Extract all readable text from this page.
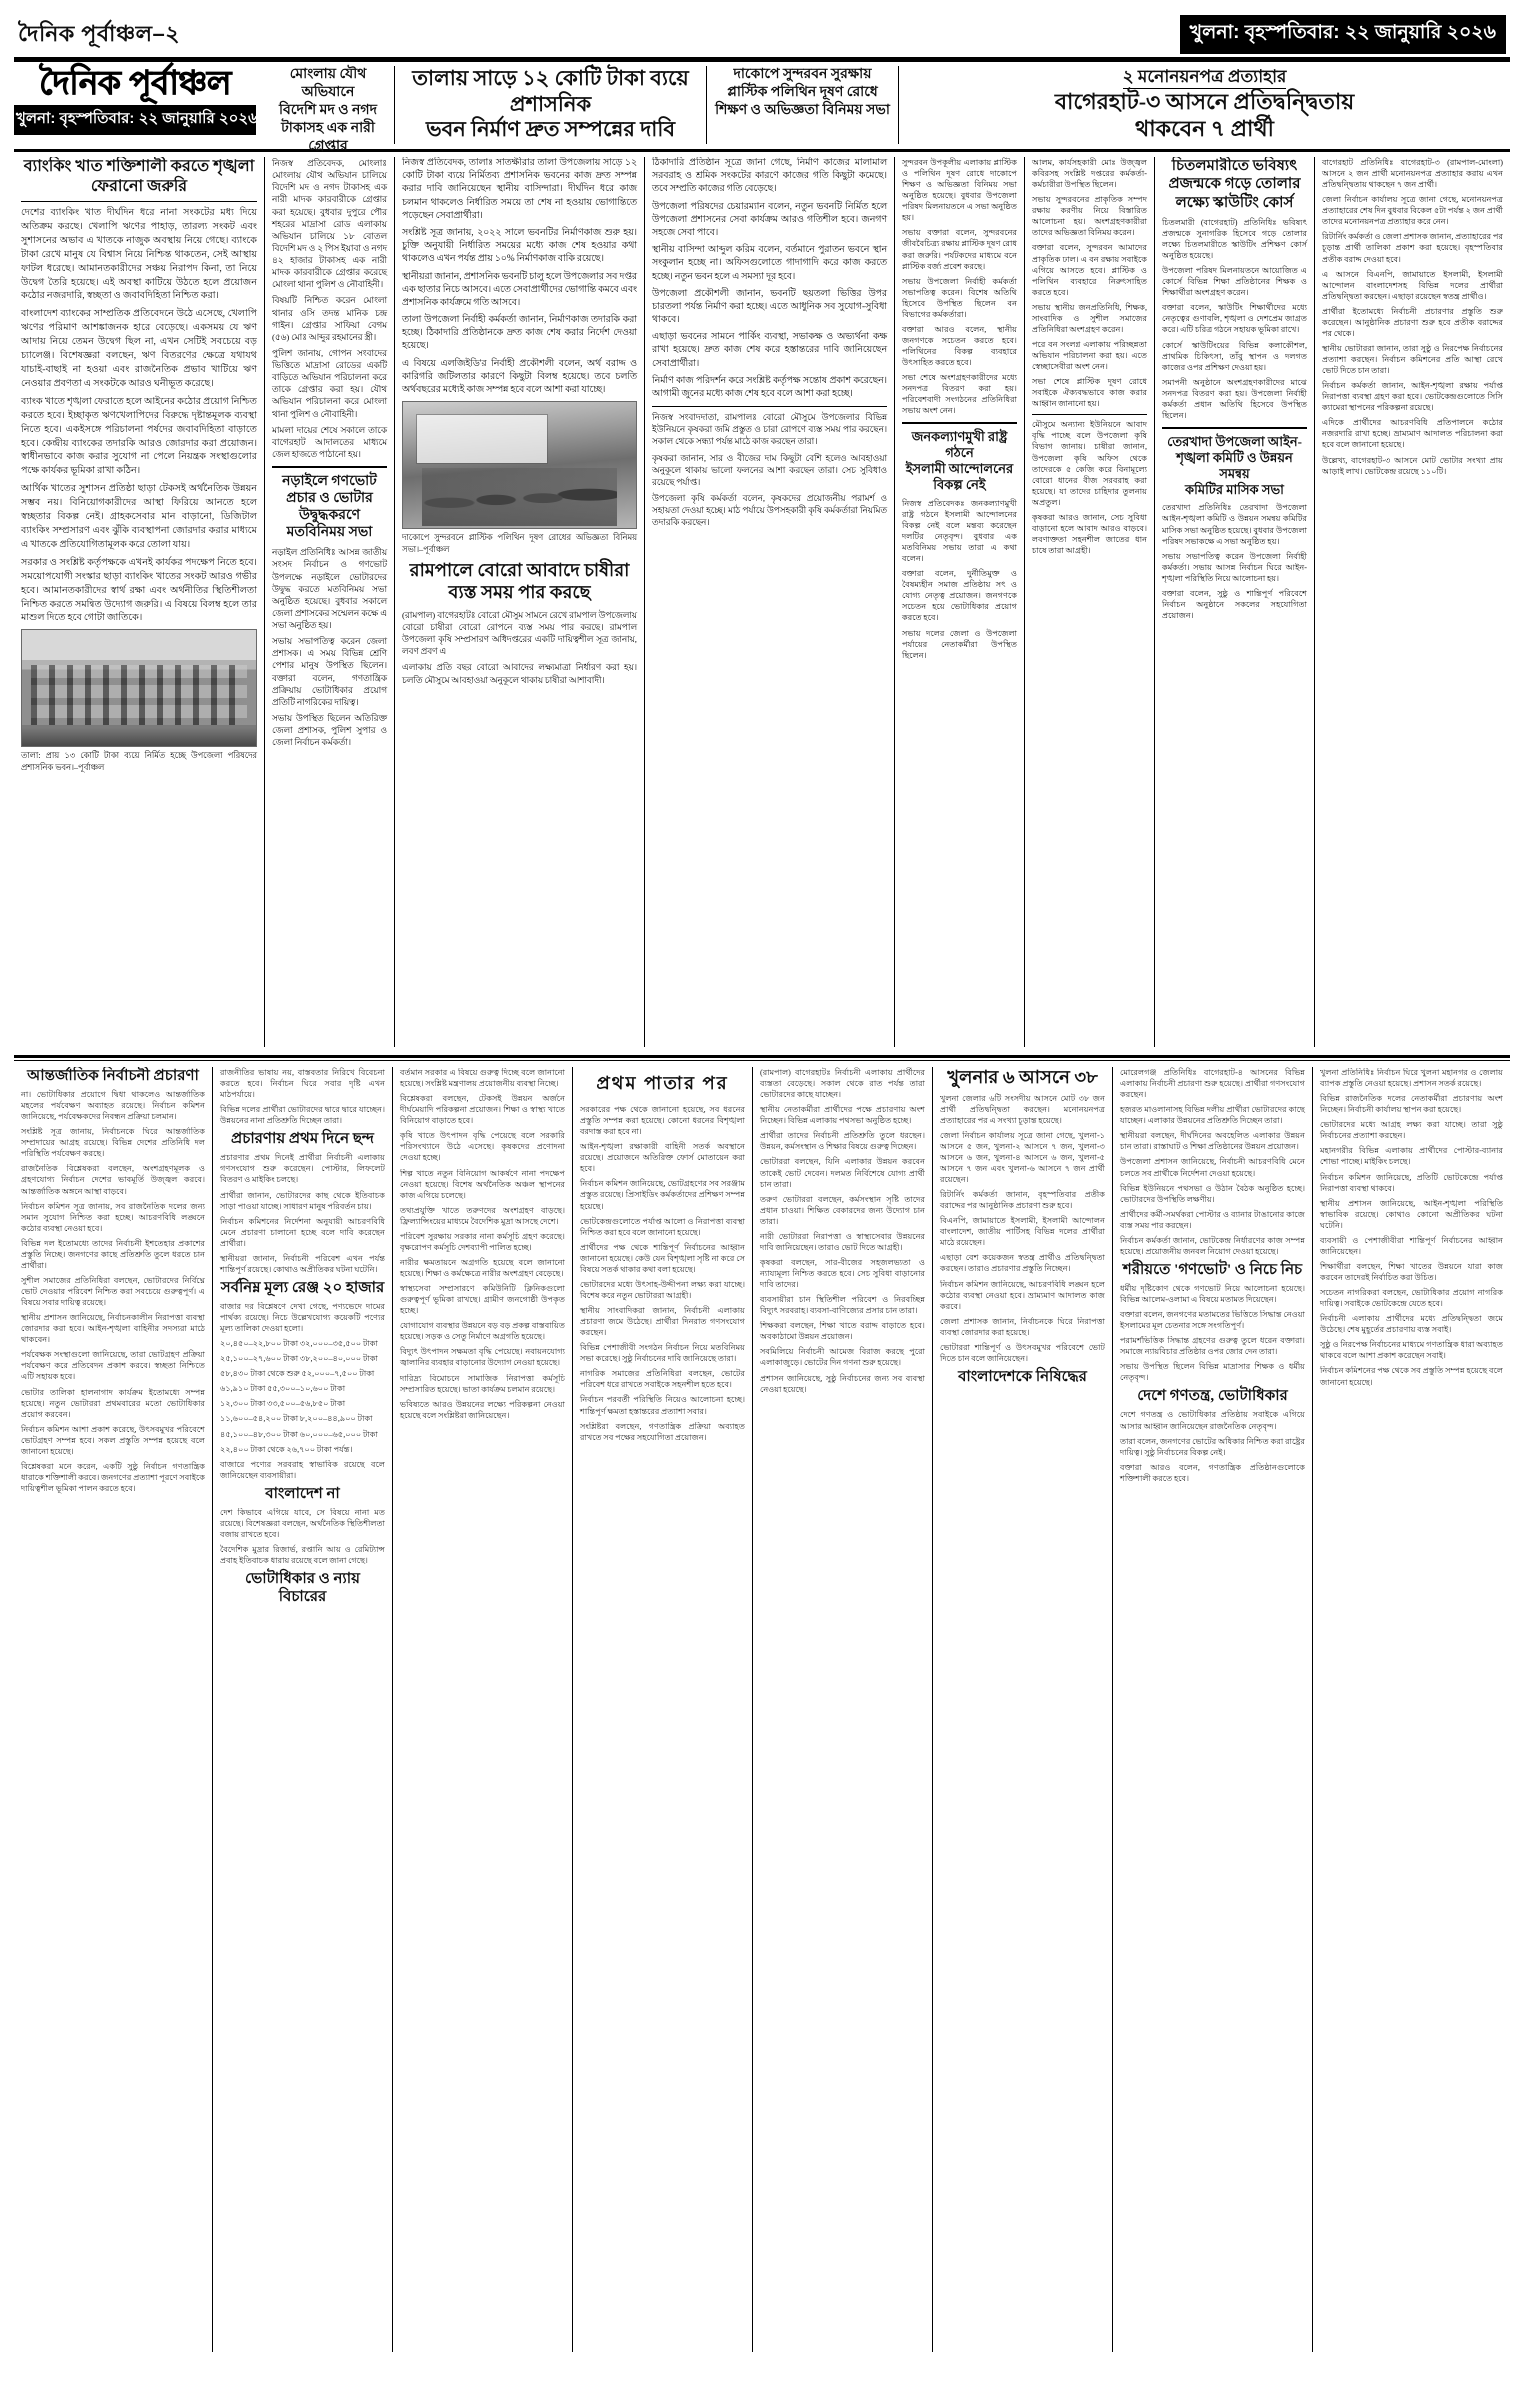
দৈনিক পূর্বাঞ্চল–২	খুলনা: বৃহস্পতিবার: ২২ জানুয়ারি ২০২৬
দৈনিক পূর্বাঞ্চল
খুলনা: বৃহস্পতিবার: ২২ জানুয়ারি ২০২৬
মোংলায় যৌথ অভিযানে
বিদেশি মদ ও নগদ
টাকাসহ এক নারী গ্রেপ্তার
তালায় সাড়ে ১২ কোটি টাকা ব্যয়ে প্রশাসনিক
ভবন নির্মাণ দ্রুত সম্পন্নের দাবি
দাকোপে সুন্দরবন সুরক্ষায়
প্লাস্টিক পলিথিন দূষণ রোধে
শিক্ষণ ও অভিজ্ঞতা বিনিময় সভা
২ মনোনয়নপত্র প্রত্যাহার
বাগেরহাট-৩ আসনে প্রতিদ্বন্দ্বিতায়
থাকবেন ৭ প্রার্থী
ব্যাংকিং খাত শক্তিশালী করতে শৃঙ্খলা ফেরানো জরুরি

দেশের ব্যাংকিং খাত দীর্ঘদিন ধরে নানা সংকটের মধ্য দিয়ে অতিক্রম করছে। খেলাপি ঋণের পাহাড়, তারল্য সংকট এবং সুশাসনের অভাব এ খাতকে নাজুক অবস্থায় নিয়ে গেছে। ব্যাংকে টাকা রেখে মানুষ যে বিশ্বাস নিয়ে নিশ্চিন্ত থাকতেন, সেই আস্থায় ফাটল ধরেছে। আমানতকারীদের সঞ্চয় নিরাপদ কিনা, তা নিয়ে উদ্বেগ তৈরি হয়েছে। এই অবস্থা কাটিয়ে উঠতে হলে প্রয়োজন কঠোর নজরদারি, স্বচ্ছতা ও জবাবদিহিতা নিশ্চিত করা।

বাংলাদেশ ব্যাংকের সাম্প্রতিক প্রতিবেদনে উঠে এসেছে, খেলাপি ঋণের পরিমাণ আশঙ্কাজনক হারে বেড়েছে। একসময় যে ঋণ আদায় নিয়ে তেমন উদ্বেগ ছিল না, এখন সেটিই সবচেয়ে বড় চ্যালেঞ্জ। বিশেষজ্ঞরা বলছেন, ঋণ বিতরণের ক্ষেত্রে যথাযথ যাচাই-বাছাই না হওয়া এবং রাজনৈতিক প্রভাব খাটিয়ে ঋণ নেওয়ার প্রবণতা এ সংকটকে আরও ঘনীভূত করেছে।

ব্যাংক খাতে শৃঙ্খলা ফেরাতে হলে আইনের কঠোর প্রয়োগ নিশ্চিত করতে হবে। ইচ্ছাকৃত ঋণখেলাপিদের বিরুদ্ধে দৃষ্টান্তমূলক ব্যবস্থা নিতে হবে। একইসঙ্গে পরিচালনা পর্ষদের জবাবদিহিতা বাড়াতে হবে। কেন্দ্রীয় ব্যাংকের তদারকি আরও জোরদার করা প্রয়োজন। স্বাধীনভাবে কাজ করার সুযোগ না পেলে নিয়ন্ত্রক সংস্থাগুলোর পক্ষে কার্যকর ভূমিকা রাখা কঠিন।

আর্থিক খাতের সুশাসন প্রতিষ্ঠা ছাড়া টেকসই অর্থনৈতিক উন্নয়ন সম্ভব নয়। বিনিয়োগকারীদের আস্থা ফিরিয়ে আনতে হলে স্বচ্ছতার বিকল্প নেই। গ্রাহকসেবার মান বাড়ানো, ডিজিটাল ব্যাংকিং সম্প্রসারণ এবং ঝুঁকি ব্যবস্থাপনা জোরদার করার মাধ্যমে এ খাতকে প্রতিযোগিতামূলক করে তোলা যায়।

সরকার ও সংশ্লিষ্ট কর্তৃপক্ষকে এখনই কার্যকর পদক্ষেপ নিতে হবে। সময়োপযোগী সংস্কার ছাড়া ব্যাংকিং খাতের সংকট আরও গভীর হবে। আমানতকারীদের স্বার্থ রক্ষা এবং অর্থনীতির স্থিতিশীলতা নিশ্চিত করতে সমন্বিত উদ্যোগ জরুরি। এ বিষয়ে বিলম্ব হলে তার মাশুল দিতে হবে গোটা জাতিকে।

তালা: প্রায় ১৩ কোটি টাকা ব্যয়ে নির্মিত হচ্ছে উপজেলা পরিষদের প্রশাসনিক ভবন।–পূর্বাঞ্চল

নিজস্ব প্রতিবেদক, মোংলাঃ মোংলায় যৌথ অভিযান চালিয়ে বিদেশি মদ ও নগদ টাকাসহ এক নারী মাদক কারবারীকে গ্রেপ্তার করা হয়েছে। বুধবার দুপুরে পৌর শহরের মাদ্রাসা রোড এলাকায় অভিযান চালিয়ে ১৮ বোতল বিদেশি মদ ও ২ পিস ইয়াবা ও নগদ ৪২ হাজার টাকাসহ এক নারী মাদক কারবারীকে গ্রেপ্তার করেছে মোংলা থানা পুলিশ ও নৌবাহিনী।

বিষয়টি নিশ্চিত করেন মোংলা থানার ওসি তদন্ত মানিক চন্দ্র গাইন। গ্রেপ্তার সাফিয়া বেগম (৫৬) মোঃ আব্দুর রহমানের স্ত্রী।

পুলিশ জানায়, গোপন সংবাদের ভিত্তিতে মাদ্রাসা রোডের একটি বাড়িতে অভিযান পরিচালনা করে তাকে গ্রেপ্তার করা হয়। যৌথ অভিযান পরিচালনা করে মোংলা থানা পুলিশ ও নৌবাহিনী।

মামলা দায়ের শেষে সকালে তাকে বাগেরহাট আদালতের মাধ্যমে জেল হাজতে পাঠানো হয়।

নড়াইলে গণভোট প্রচার ও ভোটার উদ্বুদ্ধকরণে মতবিনিময় সভা

নড়াইল প্রতিনিধিঃ আসন্ন জাতীয় সংসদ নির্বাচন ও গণভোট উপলক্ষে নড়াইলে ভোটারদের উদ্বুদ্ধ করতে মতবিনিময় সভা অনুষ্ঠিত হয়েছে। বুধবার সকালে জেলা প্রশাসকের সম্মেলন কক্ষে এ সভা অনুষ্ঠিত হয়।

সভায় সভাপতিত্ব করেন জেলা প্রশাসক। এ সময় বিভিন্ন শ্রেণি পেশার মানুষ উপস্থিত ছিলেন। বক্তারা বলেন, গণতান্ত্রিক প্রক্রিয়ায় ভোটাধিকার প্রয়োগ প্রতিটি নাগরিকের দায়িত্ব।

সভায় উপস্থিত ছিলেন অতিরিক্ত জেলা প্রশাসক, পুলিশ সুপার ও জেলা নির্বাচন কর্মকর্তা।

নিজস্ব প্রতিবেদক, তালাঃ সাতক্ষীরার তালা উপজেলায় সাড়ে ১২ কোটি টাকা ব্যয়ে নির্মিতব্য প্রশাসনিক ভবনের কাজ দ্রুত সম্পন্ন করার দাবি জানিয়েছেন স্থানীয় বাসিন্দারা। দীর্ঘদিন ধরে কাজ চলমান থাকলেও নির্ধারিত সময়ে তা শেষ না হওয়ায় ভোগান্তিতে পড়েছেন সেবাপ্রার্থীরা।

সংশ্লিষ্ট সূত্র জানায়, ২০২২ সালে ভবনটির নির্মাণকাজ শুরু হয়। চুক্তি অনুযায়ী নির্ধারিত সময়ের মধ্যে কাজ শেষ হওয়ার কথা থাকলেও এখন পর্যন্ত প্রায় ১০% নির্মাণকাজ বাকি রয়েছে।

স্থানীয়রা জানান, প্রশাসনিক ভবনটি চালু হলে উপজেলার সব দপ্তর এক ছাতার নিচে আসবে। এতে সেবাপ্রার্থীদের ভোগান্তি কমবে এবং প্রশাসনিক কার্যক্রমে গতি আসবে।

তালা উপজেলা নির্বাহী কর্মকর্তা জানান, নির্মাণকাজ তদারকি করা হচ্ছে। ঠিকাদারি প্রতিষ্ঠানকে দ্রুত কাজ শেষ করার নির্দেশ দেওয়া হয়েছে।

এ বিষয়ে এলজিইডি'র নির্বাহী প্রকৌশলী বলেন, অর্থ বরাদ্দ ও কারিগরি জটিলতার কারণে কিছুটা বিলম্ব হয়েছে। তবে চলতি অর্থবছরের মধ্যেই কাজ সম্পন্ন হবে বলে আশা করা যাচ্ছে।

দাকোপে সুন্দরবনে প্লাস্টিক পলিথিন দূষণ রোধের অভিজ্ঞতা বিনিময় সভা।–পূর্বাঞ্চল
রামপালে বোরো আবাদে চাষীরা ব্যস্ত সময় পার করছে

(রামপাল) বাগেরহাটঃ বোরো মৌসুম সামনে রেখে রামপাল উপজেলায় বোরো চাষীরা বোরো রোপনে ব্যস্ত সময় পার করছে। রামপাল উপজেলা কৃষি সম্প্রসারণ অধিদপ্তরের একটি দায়িত্বশীল সূত্র জানায়, লবণ প্রবণ এ

এলাকায় প্রতি বছর বোরো আবাদের লক্ষ্যমাত্রা নির্ধারণ করা হয়। চলতি মৌসুমে আবহাওয়া অনুকূলে থাকায় চাষীরা আশাবাদী।

ঠিকাদারি প্রতিষ্ঠান সূত্রে জানা গেছে, নির্মাণ কাজের মালামাল সরবরাহ ও শ্রমিক সংকটের কারণে কাজের গতি কিছুটা কমেছে। তবে সম্প্রতি কাজের গতি বেড়েছে।

উপজেলা পরিষদের চেয়ারম্যান বলেন, নতুন ভবনটি নির্মিত হলে উপজেলা প্রশাসনের সেবা কার্যক্রম আরও গতিশীল হবে। জনগণ সহজে সেবা পাবে।

স্থানীয় বাসিন্দা আব্দুল করিম বলেন, বর্তমানে পুরাতন ভবনে স্থান সংকুলান হচ্ছে না। অফিসগুলোতে গাদাগাদি করে কাজ করতে হচ্ছে। নতুন ভবন হলে এ সমস্যা দূর হবে।

উপজেলা প্রকৌশলী জানান, ভবনটি ছয়তলা ভিত্তির উপর চারতলা পর্যন্ত নির্মাণ করা হচ্ছে। এতে আধুনিক সব সুযোগ-সুবিধা থাকবে।

এছাড়া ভবনের সামনে পার্কিং ব্যবস্থা, সভাকক্ষ ও অভ্যর্থনা কক্ষ রাখা হয়েছে। দ্রুত কাজ শেষ করে হস্তান্তরের দাবি জানিয়েছেন সেবাপ্রার্থীরা।

নির্মাণ কাজ পরিদর্শন করে সংশ্লিষ্ট কর্তৃপক্ষ সন্তোষ প্রকাশ করেছেন। আগামী জুনের মধ্যে কাজ শেষ হবে বলে আশা করা হচ্ছে।

নিজস্ব সংবাদদাতা, রামপালঃ বোরো মৌসুমে উপজেলার বিভিন্ন ইউনিয়নে কৃষকরা জমি প্রস্তুত ও চারা রোপণে ব্যস্ত সময় পার করছেন। সকাল থেকে সন্ধ্যা পর্যন্ত মাঠে কাজ করছেন তারা।

কৃষকরা জানান, সার ও বীজের দাম কিছুটা বেশি হলেও আবহাওয়া অনুকূলে থাকায় ভালো ফলনের আশা করছেন তারা। সেচ সুবিধাও রয়েছে পর্যাপ্ত।

উপজেলা কৃষি কর্মকর্তা বলেন, কৃষকদের প্রয়োজনীয় পরামর্শ ও সহায়তা দেওয়া হচ্ছে। মাঠ পর্যায়ে উপসহকারী কৃষি কর্মকর্তারা নিয়মিত তদারকি করছেন।

সুন্দরবন উপকূলীয় এলাকায় প্লাস্টিক ও পলিথিন দূষণ রোধে দাকোপে শিক্ষণ ও অভিজ্ঞতা বিনিময় সভা অনুষ্ঠিত হয়েছে। বুধবার উপজেলা পরিষদ মিলনায়তনে এ সভা অনুষ্ঠিত হয়।

সভায় বক্তারা বলেন, সুন্দরবনের জীববৈচিত্র্য রক্ষায় প্লাস্টিক দূষণ রোধ করা জরুরি। পর্যটকদের মাধ্যমে বনে প্লাস্টিক বর্জ্য প্রবেশ করছে।

সভায় উপজেলা নির্বাহী কর্মকর্তা সভাপতিত্ব করেন। বিশেষ অতিথি হিসেবে উপস্থিত ছিলেন বন বিভাগের কর্মকর্তারা।

বক্তারা আরও বলেন, স্থানীয় জনগণকে সচেতন করতে হবে। পলিথিনের বিকল্প ব্যবহারে উৎসাহিত করতে হবে।

সভা শেষে অংশগ্রহণকারীদের মধ্যে সনদপত্র বিতরণ করা হয়। পরিবেশবাদী সংগঠনের প্রতিনিধিরা সভায় অংশ নেন।

জনকল্যাণমুখী রাষ্ট্র গঠনে
ইসলামী আন্দোলনের
বিকল্প নেই

নিজস্ব প্রতিবেদকঃ জনকল্যাণমুখী রাষ্ট্র গঠনে ইসলামী আন্দোলনের বিকল্প নেই বলে মন্তব্য করেছেন দলটির নেতৃবৃন্দ। বুধবার এক মতবিনিময় সভায় তারা এ কথা বলেন।

বক্তারা বলেন, দুর্নীতিমুক্ত ও বৈষম্যহীন সমাজ প্রতিষ্ঠায় সৎ ও যোগ্য নেতৃত্ব প্রয়োজন। জনগণকে সচেতন হয়ে ভোটাধিকার প্রয়োগ করতে হবে।

সভায় দলের জেলা ও উপজেলা পর্যায়ের নেতাকর্মীরা উপস্থিত ছিলেন।

আলম, কার্যসহকারী মোঃ উজ্জ্বল কবিরসহ সংশ্লিষ্ট দপ্তরের কর্মকর্তা-কর্মচারীরা উপস্থিত ছিলেন।

সভায় সুন্দরবনের প্রাকৃতিক সম্পদ রক্ষায় করণীয় নিয়ে বিস্তারিত আলোচনা হয়। অংশগ্রহণকারীরা তাদের অভিজ্ঞতা বিনিময় করেন।

বক্তারা বলেন, সুন্দরবন আমাদের প্রাকৃতিক ঢাল। এ বন রক্ষায় সবাইকে এগিয়ে আসতে হবে। প্লাস্টিক ও পলিথিন ব্যবহারে নিরুৎসাহিত করতে হবে।

সভায় স্থানীয় জনপ্রতিনিধি, শিক্ষক, সাংবাদিক ও সুশীল সমাজের প্রতিনিধিরা অংশগ্রহণ করেন।

পরে বন সংলগ্ন এলাকায় পরিচ্ছন্নতা অভিযান পরিচালনা করা হয়। এতে স্বেচ্ছাসেবীরা অংশ নেন।

সভা শেষে প্লাস্টিক দূষণ রোধে সবাইকে ঐক্যবদ্ধভাবে কাজ করার আহ্বান জানানো হয়।

মৌসুমে অন্যান্য ইউনিয়নে আবাদ বৃদ্ধি পাচ্ছে বলে উপজেলা কৃষি বিভাগ জানায়। চাষীরা জানান, উপজেলা কৃষি অফিস থেকে তাদেরকে ৫ কেজি করে বিনামূল্যে বোরো ধানের বীজ সরবরাহ করা হয়েছে। যা তাদের চাহিদার তুলনায় অপ্রতুল।

কৃষকরা আরও জানান, সেচ সুবিধা বাড়ানো হলে আবাদ আরও বাড়বে। লবণাক্ততা সহনশীল জাতের ধান চাষে তারা আগ্রহী।

চিতলমারীতে ভবিষ্যৎ
প্রজন্মকে গড়ে তোলার
লক্ষ্যে স্কাউটিং কোর্স

চিতলমারী (বাগেরহাট) প্রতিনিধিঃ ভবিষ্যৎ প্রজন্মকে সুনাগরিক হিসেবে গড়ে তোলার লক্ষ্যে চিতলমারীতে স্কাউটিং প্রশিক্ষণ কোর্স অনুষ্ঠিত হয়েছে।

উপজেলা পরিষদ মিলনায়তনে আয়োজিত এ কোর্সে বিভিন্ন শিক্ষা প্রতিষ্ঠানের শিক্ষক ও শিক্ষার্থীরা অংশগ্রহণ করেন।

বক্তারা বলেন, স্কাউটিং শিক্ষার্থীদের মধ্যে নেতৃত্বের গুণাবলি, শৃঙ্খলা ও দেশপ্রেম জাগ্রত করে। এটি চরিত্র গঠনে সহায়ক ভূমিকা রাখে।

কোর্সে স্কাউটিংয়ের বিভিন্ন কলাকৌশল, প্রাথমিক চিকিৎসা, তাঁবু স্থাপন ও দলগত কাজের ওপর প্রশিক্ষণ দেওয়া হয়।

সমাপনী অনুষ্ঠানে অংশগ্রহণকারীদের মাঝে সনদপত্র বিতরণ করা হয়। উপজেলা নির্বাহী কর্মকর্তা প্রধান অতিথি হিসেবে উপস্থিত ছিলেন।

তেরখাদা উপজেলা আইন-
শৃঙ্খলা কমিটি ও উন্নয়ন সমন্বয়
কমিটির মাসিক সভা

তেরখাদা প্রতিনিধিঃ তেরখাদা উপজেলা আইন-শৃঙ্খলা কমিটি ও উন্নয়ন সমন্বয় কমিটির মাসিক সভা অনুষ্ঠিত হয়েছে। বুধবার উপজেলা পরিষদ সভাকক্ষে এ সভা অনুষ্ঠিত হয়।

সভায় সভাপতিত্ব করেন উপজেলা নির্বাহী কর্মকর্তা। সভায় আসন্ন নির্বাচন ঘিরে আইন-শৃঙ্খলা পরিস্থিতি নিয়ে আলোচনা হয়।

বক্তারা বলেন, সুষ্ঠু ও শান্তিপূর্ণ পরিবেশে নির্বাচন অনুষ্ঠানে সকলের সহযোগিতা প্রয়োজন।

বাগেরহাট প্রতিনিধিঃ বাগেরহাট-৩ (রামপাল-মোংলা) আসনে ২ জন প্রার্থী মনোনয়নপত্র প্রত্যাহার করায় এখন প্রতিদ্বন্দ্বিতায় থাকছেন ৭ জন প্রার্থী।

জেলা নির্বাচন কার্যালয় সূত্রে জানা গেছে, মনোনয়নপত্র প্রত্যাহারের শেষ দিন বুধবার বিকেল ৫টা পর্যন্ত ২ জন প্রার্থী তাদের মনোনয়নপত্র প্রত্যাহার করে নেন।

রিটার্নিং কর্মকর্তা ও জেলা প্রশাসক জানান, প্রত্যাহারের পর চূড়ান্ত প্রার্থী তালিকা প্রকাশ করা হয়েছে। বৃহস্পতিবার প্রতীক বরাদ্দ দেওয়া হবে।

এ আসনে বিএনপি, জামায়াতে ইসলামী, ইসলামী আন্দোলন বাংলাদেশসহ বিভিন্ন দলের প্রার্থীরা প্রতিদ্বন্দ্বিতা করছেন। এছাড়া রয়েছেন স্বতন্ত্র প্রার্থীও।

প্রার্থীরা ইতোমধ্যে নির্বাচনী প্রচারণার প্রস্তুতি শুরু করেছেন। আনুষ্ঠানিক প্রচারণা শুরু হবে প্রতীক বরাদ্দের পর থেকে।

স্থানীয় ভোটাররা জানান, তারা সুষ্ঠু ও নিরপেক্ষ নির্বাচনের প্রত্যাশা করছেন। নির্বাচন কমিশনের প্রতি আস্থা রেখে ভোট দিতে চান তারা।

নির্বাচন কর্মকর্তা জানান, আইন-শৃঙ্খলা রক্ষায় পর্যাপ্ত নিরাপত্তা ব্যবস্থা গ্রহণ করা হবে। ভোটকেন্দ্রগুলোতে সিসি ক্যামেরা স্থাপনের পরিকল্পনা রয়েছে।

এদিকে প্রার্থীদের আচরণবিধি প্রতিপালনে কঠোর নজরদারি রাখা হচ্ছে। ভ্রাম্যমাণ আদালত পরিচালনা করা হবে বলে জানানো হয়েছে।

উল্লেখ্য, বাগেরহাট-৩ আসনে মোট ভোটার সংখ্যা প্রায় আড়াই লাখ। ভোটকেন্দ্র রয়েছে ১১০টি।

আন্তর্জাতিক নির্বাচনী প্রচারণা

না। ভোটাধিকার প্রয়োগে দ্বিধা থাকলেও আন্তর্জাতিক মহলের পর্যবেক্ষণ অব্যাহত রয়েছে। নির্বাচন কমিশন জানিয়েছে, পর্যবেক্ষকদের নিবন্ধন প্রক্রিয়া চলমান।

সংশ্লিষ্ট সূত্র জানায়, নির্বাচনকে ঘিরে আন্তর্জাতিক সম্প্রদায়ের আগ্রহ রয়েছে। বিভিন্ন দেশের প্রতিনিধি দল পরিস্থিতি পর্যবেক্ষণ করছে।

রাজনৈতিক বিশ্লেষকরা বলছেন, অংশগ্রহণমূলক ও গ্রহণযোগ্য নির্বাচন দেশের ভাবমূর্তি উজ্জ্বল করবে। আন্তর্জাতিক অঙ্গনে আস্থা বাড়বে।

নির্বাচন কমিশন সূত্র জানায়, সব রাজনৈতিক দলের জন্য সমান সুযোগ নিশ্চিত করা হচ্ছে। আচরণবিধি লঙ্ঘনে কঠোর ব্যবস্থা নেওয়া হবে।

বিভিন্ন দল ইতোমধ্যে তাদের নির্বাচনী ইশতেহার প্রকাশের প্রস্তুতি নিচ্ছে। জনগণের কাছে প্রতিশ্রুতি তুলে ধরতে চান প্রার্থীরা।

সুশীল সমাজের প্রতিনিধিরা বলছেন, ভোটারদের নির্বিঘ্নে ভোট দেওয়ার পরিবেশ নিশ্চিত করা সবচেয়ে গুরুত্বপূর্ণ। এ বিষয়ে সবার দায়িত্ব রয়েছে।

স্থানীয় প্রশাসন জানিয়েছে, নির্বাচনকালীন নিরাপত্তা ব্যবস্থা জোরদার করা হবে। আইন-শৃঙ্খলা বাহিনীর সদস্যরা মাঠে থাকবেন।

পর্যবেক্ষক সংস্থাগুলো জানিয়েছে, তারা ভোটগ্রহণ প্রক্রিয়া পর্যবেক্ষণ করে প্রতিবেদন প্রকাশ করবে। স্বচ্ছতা নিশ্চিতে এটি সহায়ক হবে।

ভোটার তালিকা হালনাগাদ কার্যক্রম ইতোমধ্যে সম্পন্ন হয়েছে। নতুন ভোটাররা প্রথমবারের মতো ভোটাধিকার প্রয়োগ করবেন।

নির্বাচন কমিশন আশা প্রকাশ করেছে, উৎসবমুখর পরিবেশে ভোটগ্রহণ সম্পন্ন হবে। সকল প্রস্তুতি সম্পন্ন হয়েছে বলে জানানো হয়েছে।

বিশ্লেষকরা মনে করেন, একটি সুষ্ঠু নির্বাচন গণতান্ত্রিক ধারাকে শক্তিশালী করবে। জনগণের প্রত্যাশা পূরণে সবাইকে দায়িত্বশীল ভূমিকা পালন করতে হবে।

রাজনীতির ভাষায় নয়, বাস্তবতার নিরিখে বিবেচনা করতে হবে। নির্বাচন ঘিরে সবার দৃষ্টি এখন মাঠপর্যায়ে।

বিভিন্ন দলের প্রার্থীরা ভোটারদের দ্বারে দ্বারে যাচ্ছেন। উন্নয়নের নানা প্রতিশ্রুতি দিচ্ছেন তারা।

প্রচারণায় প্রথম দিনে ছন্দ

প্রচারণার প্রথম দিনেই প্রার্থীরা নির্বাচনী এলাকায় গণসংযোগ শুরু করেছেন। পোস্টার, লিফলেট বিতরণ ও মাইকিং চলছে।

প্রার্থীরা জানান, ভোটারদের কাছ থেকে ইতিবাচক সাড়া পাওয়া যাচ্ছে। সাধারণ মানুষ পরিবর্তন চায়।

নির্বাচন কমিশনের নির্দেশনা অনুযায়ী আচরণবিধি মেনে প্রচারণা চালানো হচ্ছে বলে দাবি করেছেন প্রার্থীরা।

স্থানীয়রা জানান, নির্বাচনী পরিবেশ এখন পর্যন্ত শান্তিপূর্ণ রয়েছে। কোথাও অপ্রীতিকর ঘটনা ঘটেনি।

সর্বনিম্ন মূল্য রেঞ্জ ২০ হাজার

বাজার দর বিশ্লেষণে দেখা গেছে, পণ্যভেদে দামের পার্থক্য রয়েছে। নিচে উল্লেখযোগ্য কয়েকটি পণ্যের মূল্য তালিকা দেওয়া হলো।

২০,৪৫০–২২,৮০০ টাকা ৩২,০০০–৩৫,৫০০ টাকা

২৫,১০০–২৭,৬০০ টাকা ৩৮,২০০–৪০,০০০ টাকা

৫৮,৪৩০ টাকা থেকে শুরু ৫২,০০০–৭,৫০০ টাকা

৬১,৯১০ টাকা ৫৫,৩০০–১০,৬০০ টাকা

১২,৩০০ টাকা ৩৩,৫০০–৫৬,৮৫০ টাকা

১১,৬০০–৫৪,২০০ টাকা ৮,২০০–৪৪,৯০০ টাকা

৪৫,১০০–৪৮,৩০০ টাকা ৬০,০০০–৬৫,০০০ টাকা

২২,৪০০ টাকা থেকে ২৬,৭০০ টাকা পর্যন্ত।

বাজারে পণ্যের সরবরাহ স্বাভাবিক রয়েছে বলে জানিয়েছেন ব্যবসায়ীরা।

বাংলাদেশ না

দেশ কিভাবে এগিয়ে যাবে, সে বিষয়ে নানা মত রয়েছে। বিশেষজ্ঞরা বলছেন, অর্থনৈতিক স্থিতিশীলতা বজায় রাখতে হবে।

বৈদেশিক মুদ্রার রিজার্ভ, রপ্তানি আয় ও রেমিট্যান্স প্রবাহ ইতিবাচক ধারায় রয়েছে বলে জানা গেছে।

ভোটাধিকার ও ন্যায় বিচারের

বর্তমান সরকার এ বিষয়ে গুরুত্ব দিচ্ছে বলে জানানো হয়েছে। সংশ্লিষ্ট মন্ত্রণালয় প্রয়োজনীয় ব্যবস্থা নিচ্ছে।

বিশ্লেষকরা বলছেন, টেকসই উন্নয়ন অর্জনে দীর্ঘমেয়াদি পরিকল্পনা প্রয়োজন। শিক্ষা ও স্বাস্থ্য খাতে বিনিয়োগ বাড়াতে হবে।

কৃষি খাতে উৎপাদন বৃদ্ধি পেয়েছে বলে সরকারি পরিসংখ্যানে উঠে এসেছে। কৃষকদের প্রণোদনা দেওয়া হচ্ছে।

শিল্প খাতে নতুন বিনিয়োগ আকর্ষণে নানা পদক্ষেপ নেওয়া হয়েছে। বিশেষ অর্থনৈতিক অঞ্চল স্থাপনের কাজ এগিয়ে চলেছে।

তথ্যপ্রযুক্তি খাতে তরুণদের অংশগ্রহণ বাড়ছে। ফ্রিল্যান্সিংয়ের মাধ্যমে বৈদেশিক মুদ্রা আসছে দেশে।

পরিবেশ সুরক্ষায় সরকার নানা কর্মসূচি গ্রহণ করেছে। বৃক্ষরোপণ কর্মসূচি দেশব্যাপী পালিত হচ্ছে।

নারীর ক্ষমতায়নে অগ্রগতি হয়েছে বলে জানানো হয়েছে। শিক্ষা ও কর্মক্ষেত্রে নারীর অংশগ্রহণ বেড়েছে।

স্বাস্থ্যসেবা সম্প্রসারণে কমিউনিটি ক্লিনিকগুলো গুরুত্বপূর্ণ ভূমিকা রাখছে। গ্রামীণ জনগোষ্ঠী উপকৃত হচ্ছে।

যোগাযোগ ব্যবস্থার উন্নয়নে বড় বড় প্রকল্প বাস্তবায়িত হয়েছে। সড়ক ও সেতু নির্মাণে অগ্রগতি হয়েছে।

বিদ্যুৎ উৎপাদন সক্ষমতা বৃদ্ধি পেয়েছে। নবায়নযোগ্য জ্বালানির ব্যবহার বাড়ানোর উদ্যোগ নেওয়া হয়েছে।

দারিদ্র্য বিমোচনে সামাজিক নিরাপত্তা কর্মসূচি সম্প্রসারিত হয়েছে। ভাতা কার্যক্রম চলমান রয়েছে।

ভবিষ্যতে আরও উন্নয়নের লক্ষ্যে পরিকল্পনা নেওয়া হয়েছে বলে সংশ্লিষ্টরা জানিয়েছেন।

প্রথম পাতার পর

সরকারের পক্ষ থেকে জানানো হয়েছে, সব ধরনের প্রস্তুতি সম্পন্ন করা হয়েছে। কোনো ধরনের বিশৃঙ্খলা বরদাস্ত করা হবে না।

আইন-শৃঙ্খলা রক্ষাকারী বাহিনী সতর্ক অবস্থানে রয়েছে। প্রয়োজনে অতিরিক্ত ফোর্স মোতায়েন করা হবে।

নির্বাচন কমিশন জানিয়েছে, ভোটগ্রহণের সব সরঞ্জাম প্রস্তুত রয়েছে। প্রিসাইডিং কর্মকর্তাদের প্রশিক্ষণ সম্পন্ন হয়েছে।

ভোটকেন্দ্রগুলোতে পর্যাপ্ত আলো ও নিরাপত্তা ব্যবস্থা নিশ্চিত করা হবে বলে জানানো হয়েছে।

প্রার্থীদের পক্ষ থেকে শান্তিপূর্ণ নির্বাচনের আহ্বান জানানো হয়েছে। কেউ যেন বিশৃঙ্খলা সৃষ্টি না করে সে বিষয়ে সতর্ক থাকার কথা বলা হয়েছে।

ভোটারদের মধ্যে উৎসাহ-উদ্দীপনা লক্ষ্য করা যাচ্ছে। বিশেষ করে নতুন ভোটাররা আগ্রহী।

স্থানীয় সাংবাদিকরা জানান, নির্বাচনী এলাকায় প্রচারণা জমে উঠেছে। প্রার্থীরা দিনরাত গণসংযোগ করছেন।

বিভিন্ন পেশাজীবী সংগঠন নির্বাচন নিয়ে মতবিনিময় সভা করেছে। সুষ্ঠু নির্বাচনের দাবি জানিয়েছে তারা।

নাগরিক সমাজের প্রতিনিধিরা বলছেন, ভোটের পরিবেশ ধরে রাখতে সবাইকে সহনশীল হতে হবে।

নির্বাচন পরবর্তী পরিস্থিতি নিয়েও আলোচনা হচ্ছে। শান্তিপূর্ণ ক্ষমতা হস্তান্তরের প্রত্যাশা সবার।

সংশ্লিষ্টরা বলছেন, গণতান্ত্রিক প্রক্রিয়া অব্যাহত রাখতে সব পক্ষের সহযোগিতা প্রয়োজন।

(রামপাল) বাগেরহাটঃ নির্বাচনী এলাকায় প্রার্থীদের ব্যস্ততা বেড়েছে। সকাল থেকে রাত পর্যন্ত তারা ভোটারদের কাছে যাচ্ছেন।

স্থানীয় নেতাকর্মীরা প্রার্থীদের পক্ষে প্রচারণায় অংশ নিচ্ছেন। বিভিন্ন এলাকায় পথসভা অনুষ্ঠিত হচ্ছে।

প্রার্থীরা তাদের নির্বাচনী প্রতিশ্রুতি তুলে ধরছেন। উন্নয়ন, কর্মসংস্থান ও শিক্ষার বিষয়ে গুরুত্ব দিচ্ছেন।

ভোটাররা বলছেন, যিনি এলাকার উন্নয়ন করবেন তাকেই ভোট দেবেন। দলমত নির্বিশেষে যোগ্য প্রার্থী চান তারা।

তরুণ ভোটাররা বলছেন, কর্মসংস্থান সৃষ্টি তাদের প্রধান চাওয়া। শিক্ষিত বেকারদের জন্য উদ্যোগ চান তারা।

নারী ভোটাররা নিরাপত্তা ও স্বাস্থ্যসেবার উন্নয়নের দাবি জানিয়েছেন। তারাও ভোট দিতে আগ্রহী।

কৃষকরা বলছেন, সার-বীজের সহজলভ্যতা ও ন্যায্যমূল্য নিশ্চিত করতে হবে। সেচ সুবিধা বাড়ানোর দাবি তাদের।

ব্যবসায়ীরা চান স্থিতিশীল পরিবেশ ও নিরবচ্ছিন্ন বিদ্যুৎ সরবরাহ। ব্যবসা-বাণিজ্যের প্রসার চান তারা।

শিক্ষকরা বলছেন, শিক্ষা খাতে বরাদ্দ বাড়াতে হবে। অবকাঠামো উন্নয়ন প্রয়োজন।

সবমিলিয়ে নির্বাচনী আমেজ বিরাজ করছে পুরো এলাকাজুড়ে। ভোটের দিন গণনা শুরু হয়েছে।

প্রশাসন জানিয়েছে, সুষ্ঠু নির্বাচনের জন্য সব ব্যবস্থা নেওয়া হয়েছে।

খুলনার ৬ আসনে ৩৮

খুলনা জেলার ৬টি সংসদীয় আসনে মোট ৩৮ জন প্রার্থী প্রতিদ্বন্দ্বিতা করছেন। মনোনয়নপত্র প্রত্যাহারের পর এ সংখ্যা চূড়ান্ত হয়েছে।

জেলা নির্বাচন কার্যালয় সূত্রে জানা গেছে, খুলনা-১ আসনে ৫ জন, খুলনা-২ আসনে ৭ জন, খুলনা-৩ আসনে ৬ জন, খুলনা-৪ আসনে ৬ জন, খুলনা-৫ আসনে ৭ জন এবং খুলনা-৬ আসনে ৭ জন প্রার্থী রয়েছেন।

রিটার্নিং কর্মকর্তা জানান, বৃহস্পতিবার প্রতীক বরাদ্দের পর আনুষ্ঠানিক প্রচারণা শুরু হবে।

বিএনপি, জামায়াতে ইসলামী, ইসলামী আন্দোলন বাংলাদেশ, জাতীয় পার্টিসহ বিভিন্ন দলের প্রার্থীরা মাঠে রয়েছেন।

এছাড়া বেশ কয়েকজন স্বতন্ত্র প্রার্থীও প্রতিদ্বন্দ্বিতা করছেন। তারাও প্রচারণার প্রস্তুতি নিচ্ছেন।

নির্বাচন কমিশন জানিয়েছে, আচরণবিধি লঙ্ঘন হলে কঠোর ব্যবস্থা নেওয়া হবে। ভ্রাম্যমাণ আদালত কাজ করবে।

জেলা প্রশাসক জানান, নির্বাচনকে ঘিরে নিরাপত্তা ব্যবস্থা জোরদার করা হয়েছে।

ভোটাররা শান্তিপূর্ণ ও উৎসবমুখর পরিবেশে ভোট দিতে চান বলে জানিয়েছেন।

বাংলাদেশকে নিষিদ্ধের

মোরেলগঞ্জ প্রতিনিধিঃ বাগেরহাট-৪ আসনের বিভিন্ন এলাকায় নির্বাচনী প্রচারণা শুরু হয়েছে। প্রার্থীরা গণসংযোগ করছেন।

হজরত মাওলানাসহ বিভিন্ন দলীয় প্রার্থীরা ভোটারদের কাছে যাচ্ছেন। এলাকার উন্নয়নের প্রতিশ্রুতি দিচ্ছেন তারা।

স্থানীয়রা বলছেন, দীর্ঘদিনের অবহেলিত এলাকার উন্নয়ন চান তারা। রাস্তাঘাট ও শিক্ষা প্রতিষ্ঠানের উন্নয়ন প্রয়োজন।

উপজেলা প্রশাসন জানিয়েছে, নির্বাচনী আচরণবিধি মেনে চলতে সব প্রার্থীকে নির্দেশনা দেওয়া হয়েছে।

বিভিন্ন ইউনিয়নে পথসভা ও উঠান বৈঠক অনুষ্ঠিত হচ্ছে। ভোটারদের উপস্থিতি লক্ষণীয়।

প্রার্থীদের কর্মী-সমর্থকরা পোস্টার ও ব্যানার টাঙানোর কাজে ব্যস্ত সময় পার করছেন।

নির্বাচন কর্মকর্তা জানান, ভোটকেন্দ্র নির্ধারণের কাজ সম্পন্ন হয়েছে। প্রয়োজনীয় জনবল নিয়োগ দেওয়া হয়েছে।

শরীয়তে 'গণভোট' ও নিচে নিচ

ধর্মীয় দৃষ্টিকোণ থেকে গণভোট নিয়ে আলোচনা হয়েছে। বিভিন্ন আলেম-ওলামা এ বিষয়ে মতামত দিয়েছেন।

বক্তারা বলেন, জনগণের মতামতের ভিত্তিতে সিদ্ধান্ত নেওয়া ইসলামের মূল চেতনার সঙ্গে সংগতিপূর্ণ।

পরামর্শভিত্তিক সিদ্ধান্ত গ্রহণের গুরুত্ব তুলে ধরেন বক্তারা। সমাজে ন্যায়বিচার প্রতিষ্ঠার ওপর জোর দেন তারা।

সভায় উপস্থিত ছিলেন বিভিন্ন মাদ্রাসার শিক্ষক ও ধর্মীয় নেতৃবৃন্দ।

দেশে গণতন্ত্র, ভোটাধিকার

দেশে গণতন্ত্র ও ভোটাধিকার প্রতিষ্ঠায় সবাইকে এগিয়ে আসার আহ্বান জানিয়েছেন রাজনৈতিক নেতৃবৃন্দ।

তারা বলেন, জনগণের ভোটের অধিকার নিশ্চিত করা রাষ্ট্রের দায়িত্ব। সুষ্ঠু নির্বাচনের বিকল্প নেই।

বক্তারা আরও বলেন, গণতান্ত্রিক প্রতিষ্ঠানগুলোকে শক্তিশালী করতে হবে।

খুলনা প্রতিনিধিঃ নির্বাচন ঘিরে খুলনা মহানগর ও জেলায় ব্যাপক প্রস্তুতি নেওয়া হয়েছে। প্রশাসন সতর্ক রয়েছে।

বিভিন্ন রাজনৈতিক দলের নেতাকর্মীরা প্রচারণায় অংশ নিচ্ছেন। নির্বাচনী কার্যালয় স্থাপন করা হয়েছে।

ভোটারদের মধ্যে আগ্রহ লক্ষ্য করা যাচ্ছে। তারা সুষ্ঠু নির্বাচনের প্রত্যাশা করছেন।

মহানগরীর বিভিন্ন এলাকায় প্রার্থীদের পোস্টার-ব্যানার শোভা পাচ্ছে। মাইকিং চলছে।

নির্বাচন কমিশন জানিয়েছে, প্রতিটি ভোটকেন্দ্রে পর্যাপ্ত নিরাপত্তা ব্যবস্থা থাকবে।

স্থানীয় প্রশাসন জানিয়েছে, আইন-শৃঙ্খলা পরিস্থিতি স্বাভাবিক রয়েছে। কোথাও কোনো অপ্রীতিকর ঘটনা ঘটেনি।

ব্যবসায়ী ও পেশাজীবীরা শান্তিপূর্ণ নির্বাচনের আহ্বান জানিয়েছেন।

শিক্ষার্থীরা বলছেন, শিক্ষা খাতের উন্নয়নে যারা কাজ করবেন তাদেরই নির্বাচিত করা উচিত।

সচেতন নাগরিকরা বলছেন, ভোটাধিকার প্রয়োগ নাগরিক দায়িত্ব। সবাইকে ভোটকেন্দ্রে যেতে হবে।

নির্বাচনী এলাকায় প্রার্থীদের মধ্যে প্রতিদ্বন্দ্বিতা জমে উঠেছে। শেষ মুহূর্তের প্রচারণায় ব্যস্ত সবাই।

সুষ্ঠু ও নিরপেক্ষ নির্বাচনের মাধ্যমে গণতান্ত্রিক ধারা অব্যাহত থাকবে বলে আশা প্রকাশ করেছেন সবাই।

নির্বাচন কমিশনের পক্ষ থেকে সব প্রস্তুতি সম্পন্ন হয়েছে বলে জানানো হয়েছে।
